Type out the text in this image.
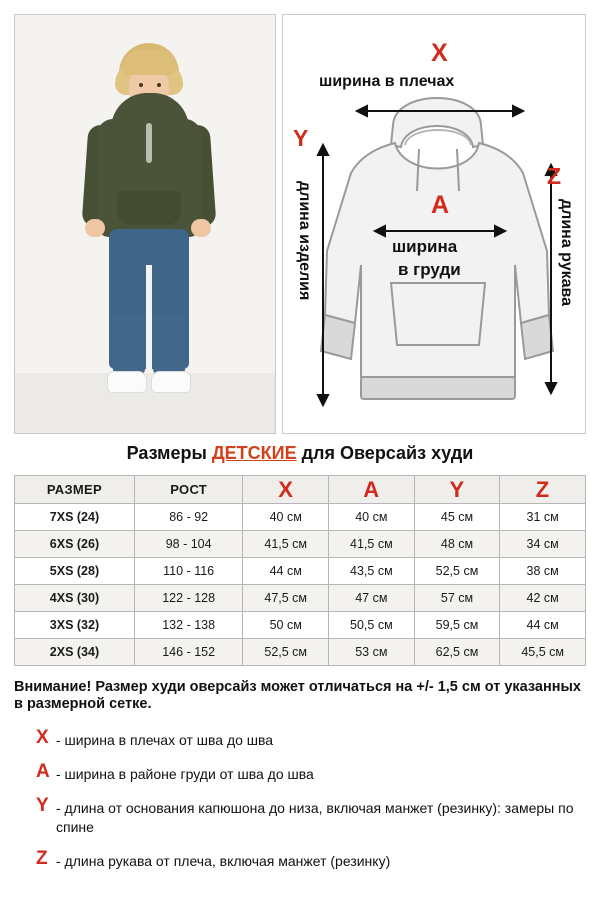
X
ширина в плечах
Y
длина изделия	A
ширина
в груди
Z
длина рукава
Размеры ДЕТСКИЕ для Оверсайз худи
РАЗМЕР	РОСТ	X	A	Y	Z
7XS (24)	86 - 92	40 см	40 см	45 см	31 см
6XS (26)	98 - 104	41,5 см	41,5 см	48 см	34 см
5XS (28)	110 - 116	44 см	43,5 см	52,5 см	38 см
4XS (30)	122 - 128	47,5 см	47 см	57 см	42 см
3XS (32)	132 - 138	50 см	50,5 см	59,5 см	44 см
2XS (34)	146 - 152	52,5 см	53 см	62,5 см	45,5 см
Внимание! Размер худи оверсайз может отличаться на +/- 1,5 см от указанных в размерной сетке.
X - ширина в плечах от шва до шва
A - ширина в районе груди от шва до шва
Y - длина от основания капюшона до низа, включая манжет (резинку): замеры по спине
Z - длина рукава от плеча, включая манжет (резинку)
